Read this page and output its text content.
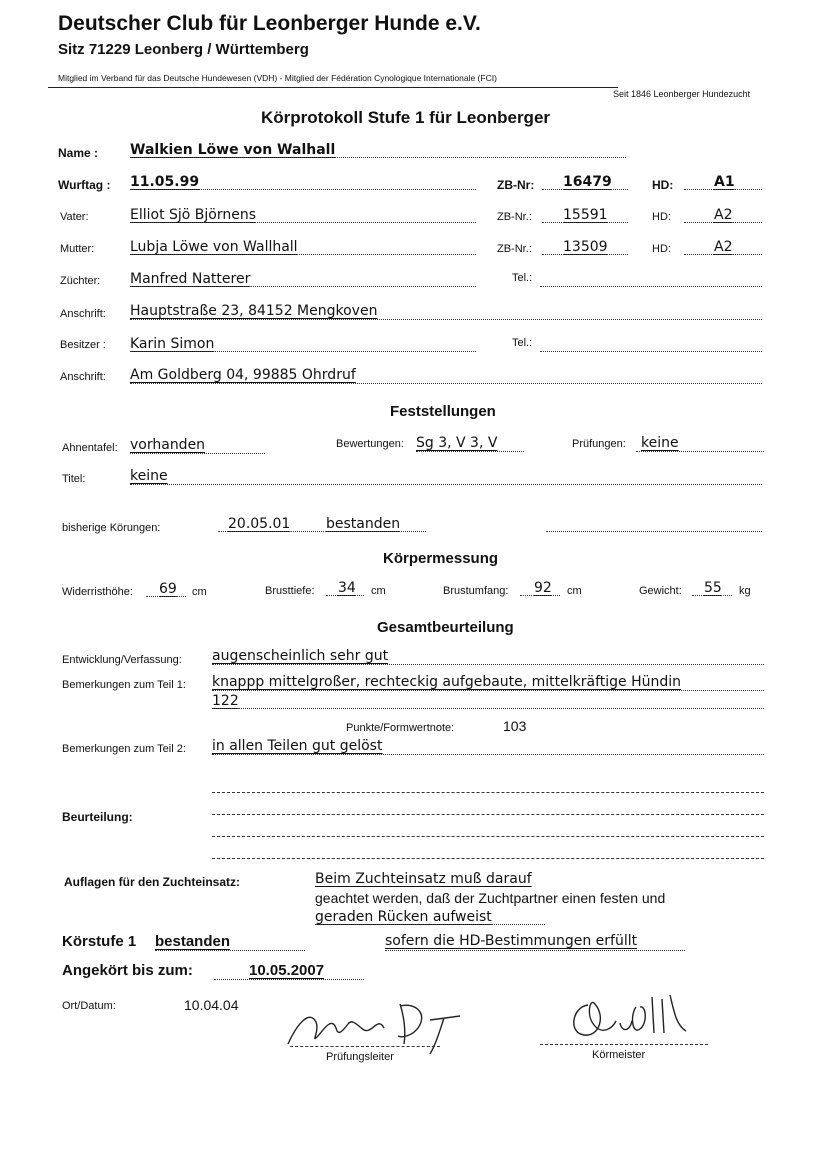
Deutscher Club für Leonberger Hunde e.V.
Sitz 71229 Leonberg / Württemberg
Mitglied im Verband für das Deutsche Hundewesen (VDH) - Mitglied der Fédération Cynologique Internationale (FCI)
Seit 1846 Leonberger Hundezucht
Körprotokoll Stufe 1 für Leonberger
Name : Walkien Löwe von Walhall
Wurftag : 11.05.99	ZB-Nr: 16479	HD:	A1
Vater:	Elliot Sjö Björnens	ZB-Nr.: 15591	HD:	A2
Mutter:	Lubja Löwe von Wallhall	ZB-Nr.: 13509	HD:	A2
Züchter: Manfred Natterer	Tel.:
Anschrift: Hauptstraße 23, 84152 Mengkoven
Besitzer : Karin Simon	Tel.:
Anschrift: Am Goldberg 04, 99885 Ohrdruf
Feststellungen
Ahnentafel: vorhanden	Bewertungen: Sg 3, V 3, V	Prüfungen: keine
Titel:	keine
bisherige Körungen:	20.05.01	bestanden
Körpermessung
Widerristhöhe: 69 cm	Brusttiefe: 34 cm	Brustumfang: 92 cm	Gewicht: 55 kg
Gesamtbeurteilung
Entwicklung/Verfassung: augenscheinlich sehr gut
Bemerkungen zum Teil 1: knappp mittelgroßer, rechteckig aufgebaute, mittelkräftige Hündin
122
Punkte/Formwertnote:	103
Bemerkungen zum Teil 2: in allen Teilen gut gelöst
Beurteilung:
Auflagen für den Zuchteinsatz:	Beim Zuchteinsatz muß darauf
geachtet werden, daß der Zuchtpartner einen festen und
geraden Rücken aufweist
Körstufe 1 bestanden	sofern die HD-Bestimmungen erfüllt
Angekört bis zum:	10.05.2007
Ort/Datum:	10.04.04
Prüfungsleiter	Körmeister
